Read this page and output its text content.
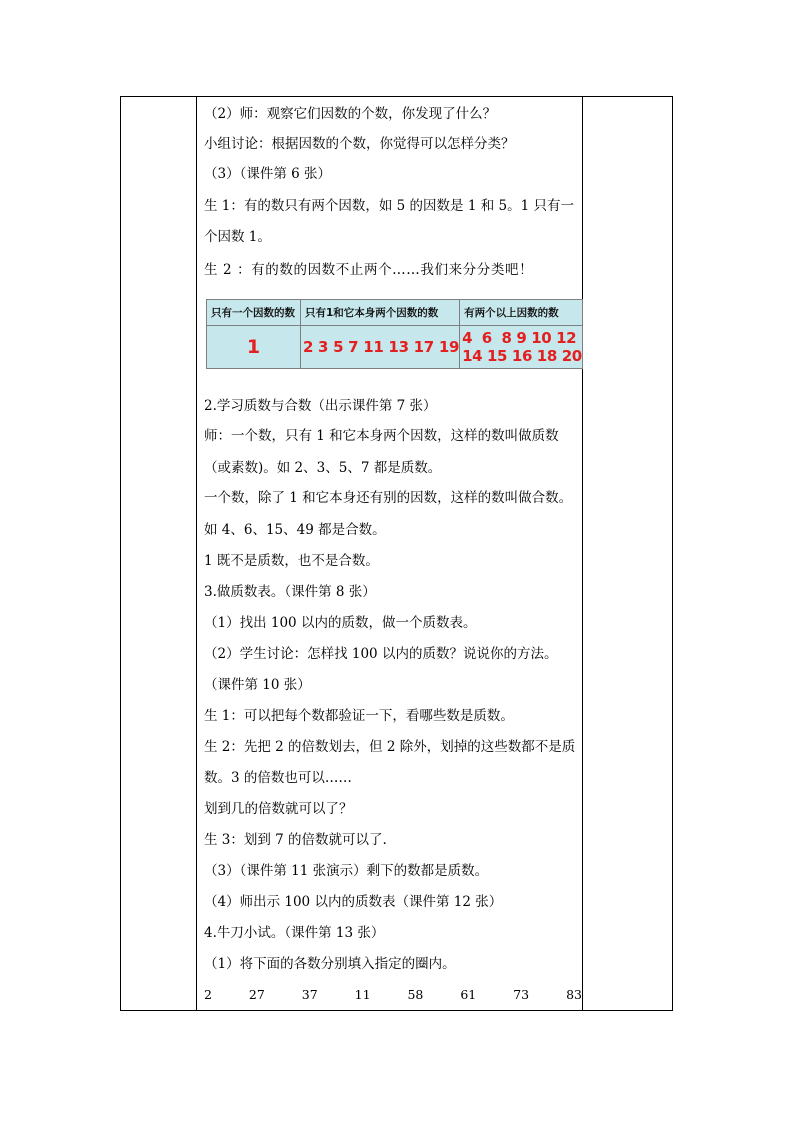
（2）师：观察它们因数的个数，你发现了什么？
小组讨论：根据因数的个数，你觉得可以怎样分类？
（3）（课件第 6 张）
生 1：有的数只有两个因数，如 5 的因数是 1 和 5。1 只有一
个因数 1。
生 2 ：有的数的因数不止两个……我们来分分类吧！
2.学习质数与合数（出示课件第 7 张）
师：一个数，只有 1 和它本身两个因数，这样的数叫做质数
（或素数)。如 2、3、5、7 都是质数。
一个数，除了 1 和它本身还有别的因数，这样的数叫做合数。
如 4、6、15、49 都是合数。
1 既不是质数，也不是合数。
3.做质数表。（课件第 8 张）
（1）找出 100 以内的质数，做一个质数表。
（2）学生讨论：怎样找 100 以内的质数？说说你的方法。
（课件第 10 张）
生 1：可以把每个数都验证一下，看哪些数是质数。
生 2：先把 2 的倍数划去，但 2 除外，划掉的这些数都不是质
数。3 的倍数也可以……
划到几的倍数就可以了？
生 3：划到 7 的倍数就可以了.
（3）（课件第 11 张演示）剩下的数都是质数。
（4）师出示 100 以内的质数表（课件第 12 张）
4.牛刀小试。（课件第 13 张）
（1）将下面的各数分别填入指定的圈内。
2	27	37	11	58	61	73	83
只有一个因数的数	只有1和它本身两个因数的数	有两个以上因数的数
1	2 3 5 7 11 13 17 19	4  6  8 9 10 12
14 15 16 18 20
